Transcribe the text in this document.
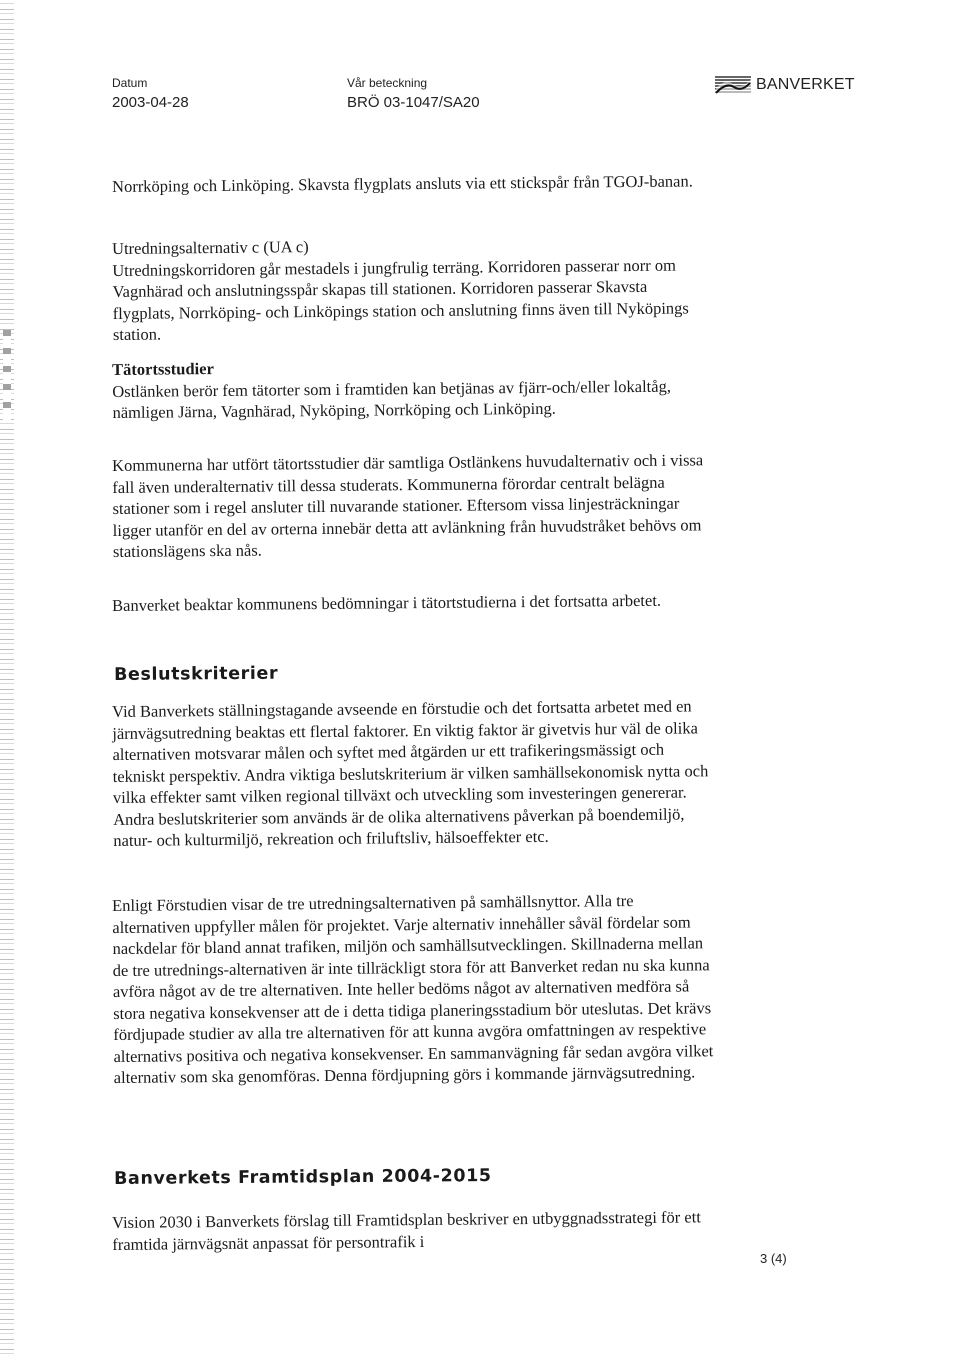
Datum
2003-04-28
Vår beteckning
BRÖ 03-1047/SA20
BANVERKET

Norrköping och Linköping. Skavsta flygplats ansluts via ett stickspår från TGOJ-banan.

Utredningsalternativ c (UA c)

Utredningskorridoren går mestadels i jungfrulig terräng. Korridoren passerar norr om Vagnhärad och anslutningsspår skapas till stationen. Korridoren passerar Skavsta flygplats, Norrköping- och Linköpings station och anslutning finns även till Nyköpings station.

Tätortsstudier

Ostlänken berör fem tätorter som i framtiden kan betjänas av fjärr-och/eller lokaltåg, nämligen Järna, Vagnhärad, Nyköping, Norrköping och Linköping.

Kommunerna har utfört tätortsstudier där samtliga Ostlänkens huvudalternativ och i vissa fall även underalternativ till dessa studerats. Kommunerna förordar centralt belägna stationer som i regel ansluter till nuvarande stationer. Eftersom vissa linjesträckningar ligger utanför en del av orterna innebär detta att avlänkning från huvudstråket behövs om stationslägens ska nås.

Banverket beaktar kommunens bedömningar i tätortstudierna i det fortsatta arbetet.

Beslutskriterier

Vid Banverkets ställningstagande avseende en förstudie och det fortsatta arbetet med en järnvägsutredning beaktas ett flertal faktorer. En viktig faktor är givetvis hur väl de olika alternativen motsvarar målen och syftet med åtgärden ur ett trafikeringsmässigt och tekniskt perspektiv. Andra viktiga beslutskriterium är vilken samhällsekonomisk nytta och vilka effekter samt vilken regional tillväxt och utveckling som investeringen genererar. Andra beslutskriterier som används är de olika alternativens påverkan på boendemiljö, natur- och kulturmiljö, rekreation och friluftsliv, hälsoeffekter etc.

Enligt Förstudien visar de tre utredningsalternativen på samhällsnyttor. Alla tre alternativen uppfyller målen för projektet. Varje alternativ innehåller såväl fördelar som nackdelar för bland annat trafiken, miljön och samhällsutvecklingen. Skillnaderna mellan de tre utrednings-alternativen är inte tillräckligt stora för att Banverket redan nu ska kunna avföra något av de tre alternativen. Inte heller bedöms något av alternativen medföra så stora negativa konsekvenser att de i detta tidiga planeringsstadium bör uteslutas. Det krävs fördjupade studier av alla tre alternativen för att kunna avgöra omfattningen av respektive alternativs positiva och negativa konsekvenser. En sammanvägning får sedan avgöra vilket alternativ som ska genomföras. Denna fördjupning görs i kommande järnvägsutredning.

Banverkets Framtidsplan 2004-2015

Vision 2030 i Banverkets förslag till Framtidsplan beskriver en utbyggnadsstrategi för ett framtida järnvägsnät anpassat för persontrafik i

3 (4)
